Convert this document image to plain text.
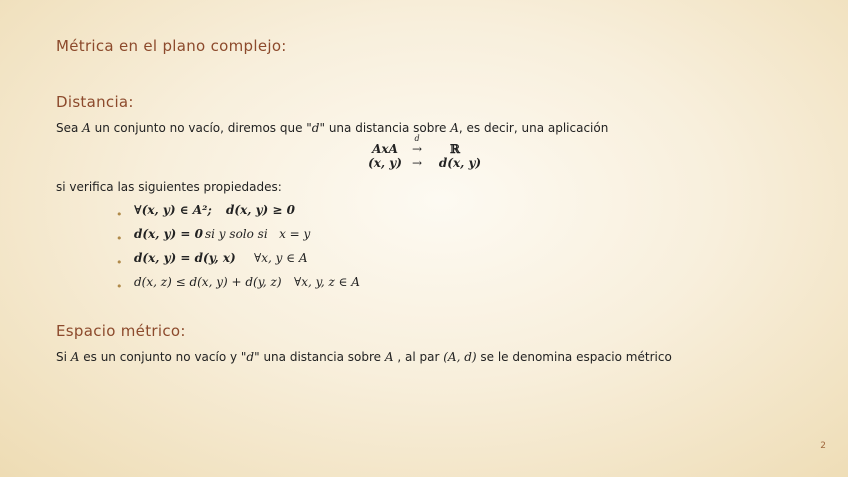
Métrica en el plano complejo:
Distancia:
Sea A un conjunto no vacío, diremos que "d" una distancia sobre A, es decir, una aplicación
d
AxA	→	ℝ
(x, y) →	d(x, y)
si verifica las siguientes propiedades:
• ∀(x, y) ∈ A²; d(x, y) ≥ 0
• d(x, y) = 0 si y solo si   x = y
• d(x, y) = d(y, x) ∀x, y ∈ A
• d(x, z) ≤ d(x, y) + d(y, z) ∀x, y, z ∈ A
Espacio métrico:
Si A es un conjunto no vacío y "d" una distancia sobre A , al par (A, d) se le denomina espacio métrico
2
